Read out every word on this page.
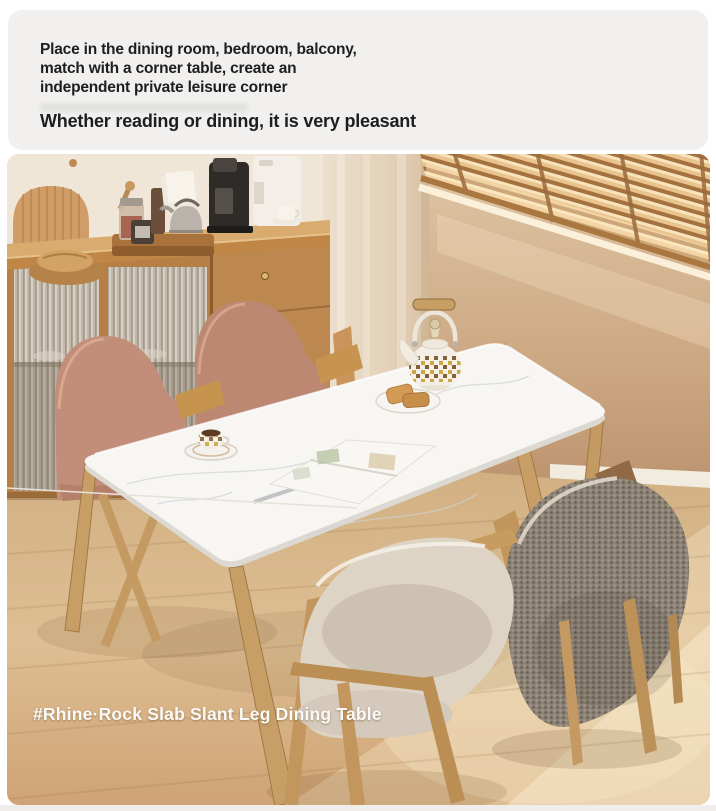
Place in the dining room, bedroom, balcony,
match with a corner table, create an
independent private leisure corner

Whether reading or dining, it is very pleasant

#Rhine·Rock Slab Slant Leg Dining Table
